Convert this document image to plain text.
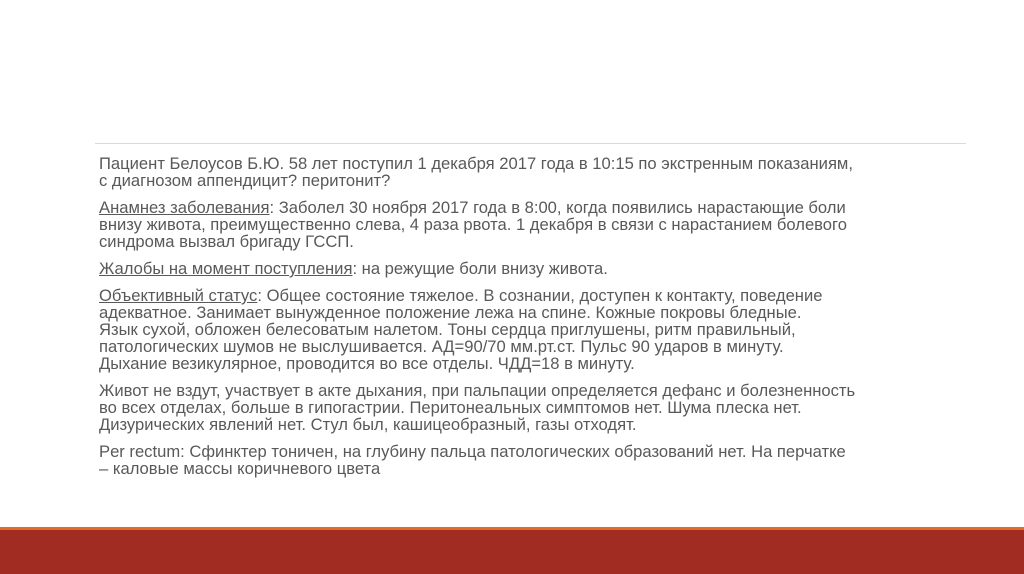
Пациент Белоусов Б.Ю. 58 лет поступил 1 декабря 2017 года в 10:15 по экстренным показаниям,
с диагнозом аппендицит? перитонит?
Анамнез заболевания: Заболел 30 ноября 2017 года в 8:00, когда появились нарастающие боли
внизу живота, преимущественно слева, 4 раза рвота. 1 декабря в связи с нарастанием болевого
синдрома вызвал бригаду ГССП.
Жалобы на момент поступления: на режущие боли внизу живота.
Объективный статус: Общее состояние тяжелое. В сознании, доступен к контакту, поведение
адекватное. Занимает вынужденное положение лежа на спине. Кожные покровы бледные.
Язык сухой, обложен белесоватым налетом. Тоны сердца приглушены, ритм правильный,
патологических шумов не выслушивается. АД=90/70 мм.рт.ст. Пульс 90 ударов в минуту.
Дыхание везикулярное, проводится во все отделы. ЧДД=18 в минуту.
Живот не вздут, участвует в акте дыхания, при пальпации определяется дефанс и болезненность
во всех отделах, больше в гипогастрии. Перитонеальных симптомов нет. Шума плеска нет.
Дизурических явлений нет. Стул был, кашицеобразный, газы отходят.
Per rectum: Сфинктер тоничен, на глубину пальца патологических образований нет. На перчатке
– каловые массы коричневого цвета
